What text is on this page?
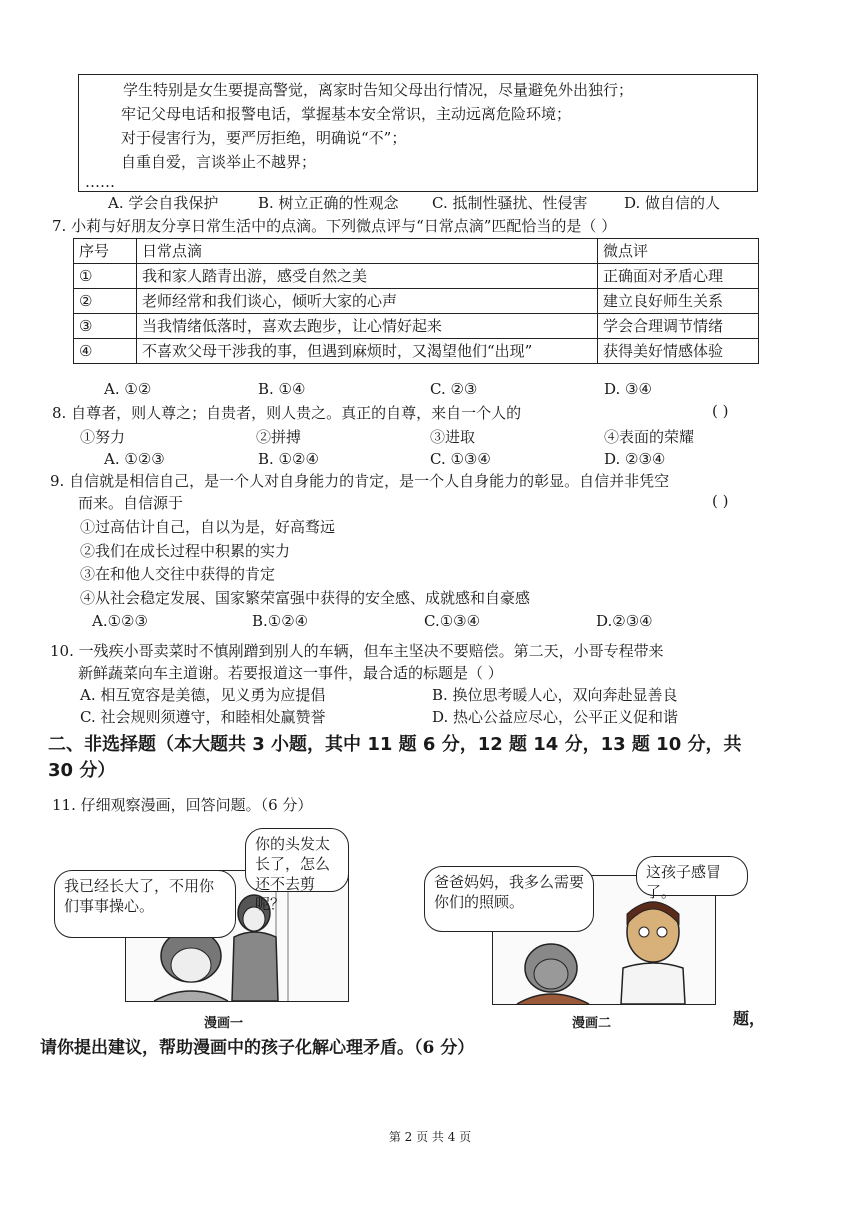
学生特别是女生要提高警觉，离家时告知父母出行情况，尽量避免外出独行；
牢记父母电话和报警电话，掌握基本安全常识，主动远离危险环境；
对于侵害行为，要严厉拒绝，明确说“不”；
自重自爱，言谈举止不越界；
……
A. 学会自我保护	B. 树立正确的性观念 C. 抵制性骚扰、性侵害 D. 做自信的人
7. 小莉与好朋友分享日常生活中的点滴。下列微点评与“日常点滴”匹配恰当的是（ ）
序号	日常点滴	微点评
①	我和家人踏青出游，感受自然之美	正确面对矛盾心理
②	老师经常和我们谈心，倾听大家的心声	建立良好师生关系
③	当我情绪低落时，喜欢去跑步，让心情好起来	学会合理调节情绪
④	不喜欢父母干涉我的事，但遇到麻烦时，又渴望他们“出现”	获得美好情感体验
A. ①②	B. ①④	C. ②③	D. ③④
8. 自尊者，则人尊之；自贵者，则人贵之。真正的自尊，来自一个人的	( )
①努力	②拼搏	③进取	④表面的荣耀
A. ①②③	B. ①②④	C. ①③④	D. ②③④
9. 自信就是相信自己，是一个人对自身能力的肯定，是一个人自身能力的彰显。自信并非凭空
而来。自信源于	( )
①过高估计自己，自以为是，好高骛远
②我们在成长过程中积累的实力
③在和他人交往中获得的肯定
④从社会稳定发展、国家繁荣富强中获得的安全感、成就感和自豪感
A.①②③	B.①②④	C.①③④	D.②③④
10. 一残疾小哥卖菜时不慎剐蹭到别人的车辆，但车主坚决不要赔偿。第二天，小哥专程带来
新鲜蔬菜向车主道谢。若要报道这一事件，最合适的标题是（ ）
A. 相互宽容是美德，见义勇为应提倡	B. 换位思考暖人心，双向奔赴显善良
C. 社会规则须遵守，和睦相处赢赞誉	D. 热心公益应尽心，公平正义促和谐
二、非选择题（本大题共 3 小题，其中 11 题 6 分，12 题 14 分，13 题 10 分，共
30 分）
11. 仔细观察漫画，回答问题。（6 分）
我已经长大了，不用你们事事操心。
你的头发太长了，怎么还不去剪呢？
漫画一
爸爸妈妈，我多么需要你们的照顾。
这孩子感冒了。
漫画二	题，
请你提出建议，帮助漫画中的孩子化解心理矛盾。（6 分）
第 2 页 共 4 页
